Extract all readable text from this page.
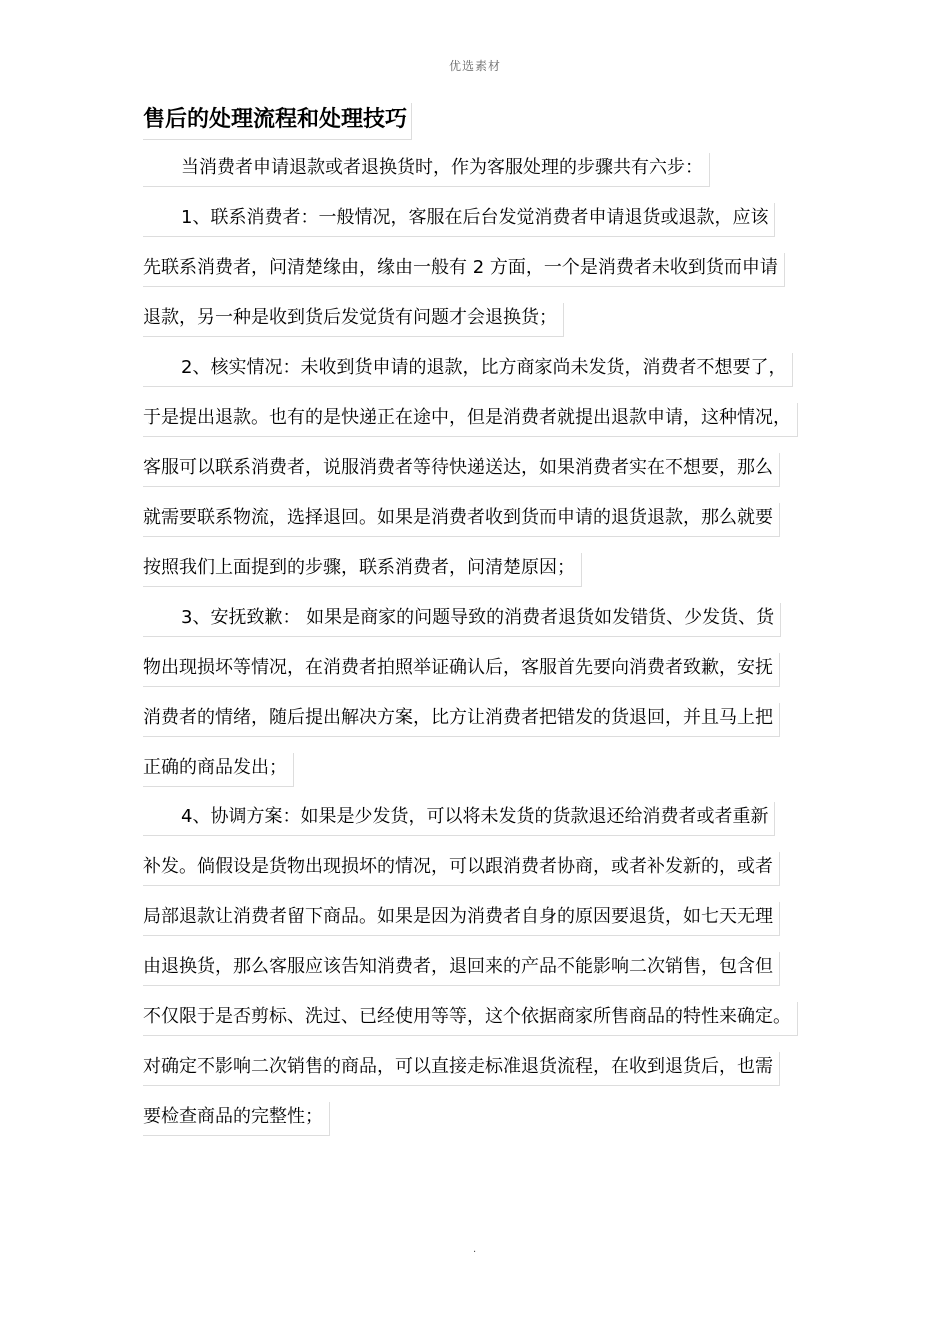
优选素材
售后的处理流程和处理技巧
当消费者申请退款或者退换货时，作为客服处理的步骤共有六步：
1、联系消费者：一般情况，客服在后台发觉消费者申请退货或退款，应该
先联系消费者，问清楚缘由，缘由一般有 2 方面，一个是消费者未收到货而申请
退款，另一种是收到货后发觉货有问题才会退换货；
2、核实情况：未收到货申请的退款，比方商家尚未发货，消费者不想要了，
于是提出退款。也有的是快递正在途中，但是消费者就提出退款申请，这种情况，
客服可以联系消费者，说服消费者等待快递送达，如果消费者实在不想要，那么
就需要联系物流，选择退回。如果是消费者收到货而申请的退货退款，那么就要
按照我们上面提到的步骤，联系消费者，问清楚原因；
3、安抚致歉： 如果是商家的问题导致的消费者退货如发错货、少发货、货
物出现损坏等情况，在消费者拍照举证确认后，客服首先要向消费者致歉，安抚
消费者的情绪，随后提出解决方案，比方让消费者把错发的货退回，并且马上把
正确的商品发出；
4、协调方案：如果是少发货，可以将未发货的货款退还给消费者或者重新
补发。倘假设是货物出现损坏的情况，可以跟消费者协商，或者补发新的，或者
局部退款让消费者留下商品。如果是因为消费者自身的原因要退货，如七天无理
由退换货，那么客服应该告知消费者，退回来的产品不能影响二次销售，包含但
不仅限于是否剪标、洗过、已经使用等等，这个依据商家所售商品的特性来确定。
对确定不影响二次销售的商品，可以直接走标准退货流程，在收到退货后，也需
要检查商品的完整性；
.
